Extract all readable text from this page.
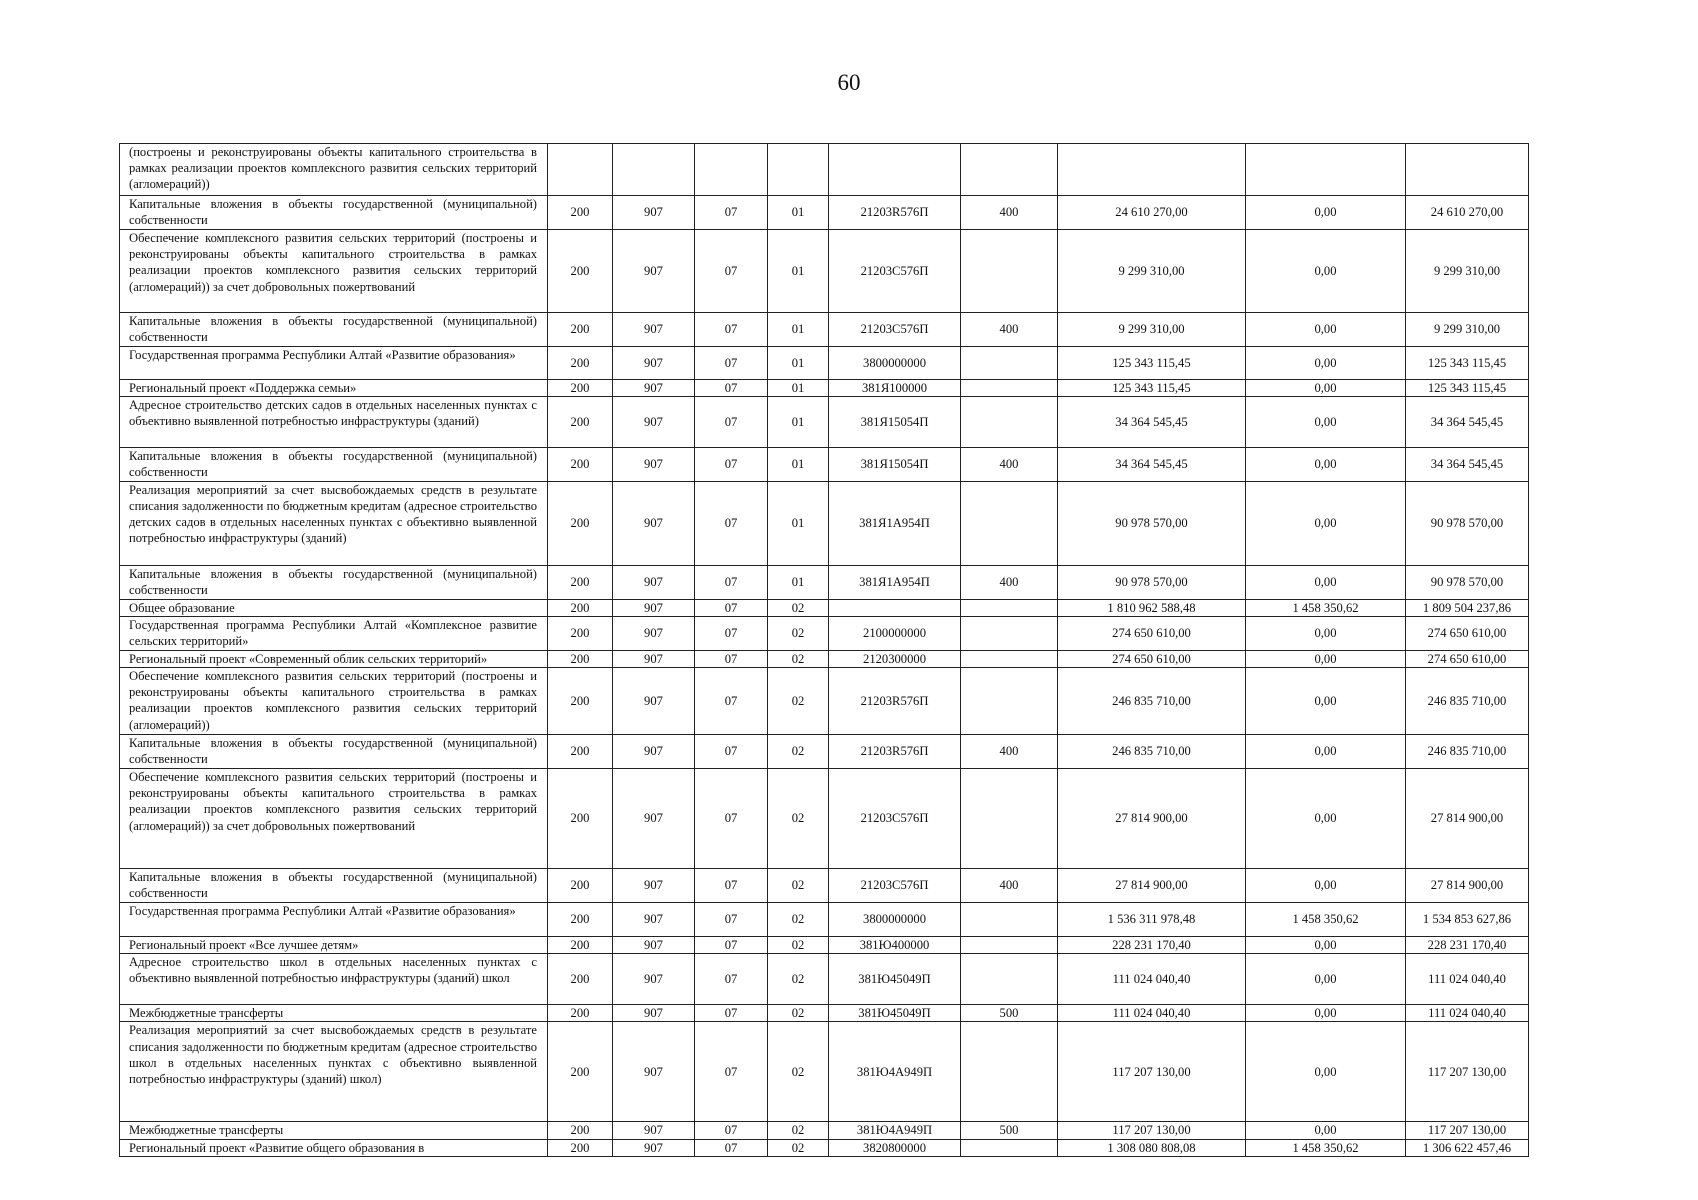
60
(построены и реконструированы объекты капитального строительства в рамках реализации проектов комплексного развития сельских территорий (агломераций))									
Капитальные вложения в объекты государственной (муниципальной) собственности	200	907	07	01	21203R576П	400	24 610 270,00	0,00	24 610 270,00
Обеспечение комплексного развития сельских территорий (построены и реконструированы объекты капитального строительства в рамках реализации проектов комплексного развития сельских территорий (агломераций)) за счет добровольных пожертвований	200	907	07	01	21203C576П		9 299 310,00	0,00	9 299 310,00
Капитальные вложения в объекты государственной (муниципальной) собственности	200	907	07	01	21203C576П	400	9 299 310,00	0,00	9 299 310,00
Государственная программа Республики Алтай «Развитие образования»	200	907	07	01	3800000000		125 343 115,45	0,00	125 343 115,45
Региональный проект «Поддержка семьи»	200	907	07	01	381Я100000		125 343 115,45	0,00	125 343 115,45
Адресное строительство детских садов в отдельных населенных пунктах с объективно выявленной потребностью инфраструктуры (зданий)	200	907	07	01	381Я15054П		34 364 545,45	0,00	34 364 545,45
Капитальные вложения в объекты государственной (муниципальной) собственности	200	907	07	01	381Я15054П	400	34 364 545,45	0,00	34 364 545,45
Реализация мероприятий за счет высвобождаемых средств в результате списания задолженности по бюджетным кредитам (адресное строительство детских садов в отдельных населенных пунктах с объективно выявленной потребностью инфраструктуры (зданий)	200	907	07	01	381Я1А954П		90 978 570,00	0,00	90 978 570,00
Капитальные вложения в объекты государственной (муниципальной) собственности	200	907	07	01	381Я1А954П	400	90 978 570,00	0,00	90 978 570,00
Общее образование	200	907	07	02			1 810 962 588,48	1 458 350,62	1 809 504 237,86
Государственная программа Республики Алтай «Комплексное развитие сельских территорий»	200	907	07	02	2100000000		274 650 610,00	0,00	274 650 610,00
Региональный проект «Современный облик сельских территорий»	200	907	07	02	2120300000		274 650 610,00	0,00	274 650 610,00
Обеспечение комплексного развития сельских территорий (построены и реконструированы объекты капитального строительства в рамках реализации проектов комплексного развития сельских территорий (агломераций))	200	907	07	02	21203R576П		246 835 710,00	0,00	246 835 710,00
Капитальные вложения в объекты государственной (муниципальной) собственности	200	907	07	02	21203R576П	400	246 835 710,00	0,00	246 835 710,00
Обеспечение комплексного развития сельских территорий (построены и реконструированы объекты капитального строительства в рамках реализации проектов комплексного развития сельских территорий (агломераций)) за счет добровольных пожертвований	200	907	07	02	21203C576П		27 814 900,00	0,00	27 814 900,00
Капитальные вложения в объекты государственной (муниципальной) собственности	200	907	07	02	21203C576П	400	27 814 900,00	0,00	27 814 900,00
Государственная программа Республики Алтай «Развитие образования»	200	907	07	02	3800000000		1 536 311 978,48	1 458 350,62	1 534 853 627,86
Региональный проект «Все лучшее детям»	200	907	07	02	381Ю400000		228 231 170,40	0,00	228 231 170,40
Адресное строительство школ в отдельных населенных пунктах с объективно выявленной потребностью инфраструктуры (зданий) школ	200	907	07	02	381Ю45049П		111 024 040,40	0,00	111 024 040,40
Межбюджетные трансферты	200	907	07	02	381Ю45049П	500	111 024 040,40	0,00	111 024 040,40
Реализация мероприятий за счет высвобождаемых средств в результате списания задолженности по бюджетным кредитам (адресное строительство школ в отдельных населенных пунктах с объективно выявленной потребностью инфраструктуры (зданий) школ)	200	907	07	02	381Ю4А949П		117 207 130,00	0,00	117 207 130,00
Межбюджетные трансферты	200	907	07	02	381Ю4А949П	500	117 207 130,00	0,00	117 207 130,00
Региональный проект «Развитие общего образования в	200	907	07	02	3820800000		1 308 080 808,08	1 458 350,62	1 306 622 457,46
